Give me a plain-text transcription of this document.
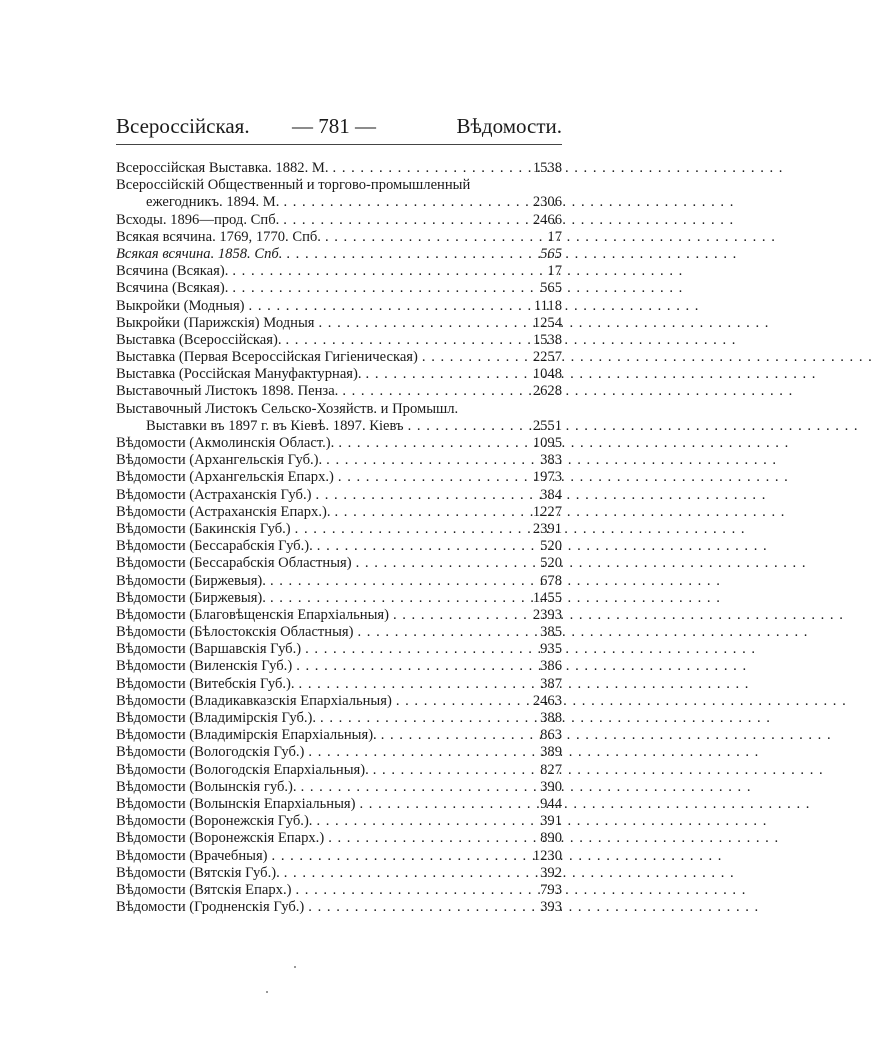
Всероссійская. — 781 —	Вѣдомости.
Всероссійская Выставка. 1882. М. . . .	1538
Всероссійскій Общественный и торгово-промышленный
ежегодникъ. 1894. М. . . .	2306
Всходы. 1896—прод. Спб. . . .	2466
Всякая всячина. 1769, 1770. Спб. . . .	17
Всякая всячина. 1858. Спб. . . .	565
Всячина (Всякая). . . .	17
Всячина (Всякая). . . .	565
Выкройки (Модныя) . . .	1118
Выкройки (Парижскія) Модныя . . .	1254
Выставка (Всероссійская). . . .	1538
Выставка (Первая Всероссійская Гигіеническая) . . .	2257
Выставка (Россійская Мануфактурная). . . .	1048
Выставочный Листокъ 1898. Пенза. . . .	2628
Выставочный Листокъ Сельско-Хозяйств. и Промышл.
Выставки въ 1897 г. въ Кіевѣ. 1897. Кіевъ . . .	2551
Вѣдомости (Акмолинскія Област.). . . .	1095
Вѣдомости (Архангельскія Губ.). . . .	383
Вѣдомости (Архангельскія Епарх.) . . .	1973
Вѣдомости (Астраханскія Губ.) . . .	384
Вѣдомости (Астраханскія Епарх.). . . .	1227
Вѣдомости (Бакинскія Губ.) . . .	2391
Вѣдомости (Бессарабскія Губ.). . . .	520
Вѣдомости (Бессарабскія Областныя) . . .	520
Вѣдомости (Биржевыя). . . .	678
Вѣдомости (Биржевыя). . . .	1455
Вѣдомости (Благовѣщенскія Епархіальныя) . . .	2393
Вѣдомости (Бѣлостокскія Областныя) . . .	385
Вѣдомости (Варшавскія Губ.) . . .	935
Вѣдомости (Виленскія Губ.) . . .	386
Вѣдомости (Витебскія Губ.). . . .	387
Вѣдомости (Владикавказскія Епархіальныя) . . .	2463
Вѣдомости (Владимірскія Губ.). . . .	388
Вѣдомости (Владимірскія Епархіальныя). . . .	863
Вѣдомости (Вологодскія Губ.) . . .	389
Вѣдомости (Вологодскія Епархіальныя). . . .	827
Вѣдомости (Волынскія губ.). . . .	390
Вѣдомости (Волынскія Епархіальныя) . . .	944
Вѣдомости (Воронежскія Губ.). . . .	391
Вѣдомости (Воронежскія Епарх.) . . .	890
Вѣдомости (Врачебныя) . . .	1230
Вѣдомости (Вятскія Губ.). . . .	392
Вѣдомости (Вятскія Епарх.) . . .	793
Вѣдомости (Гродненскія Губ.) . . .	393
